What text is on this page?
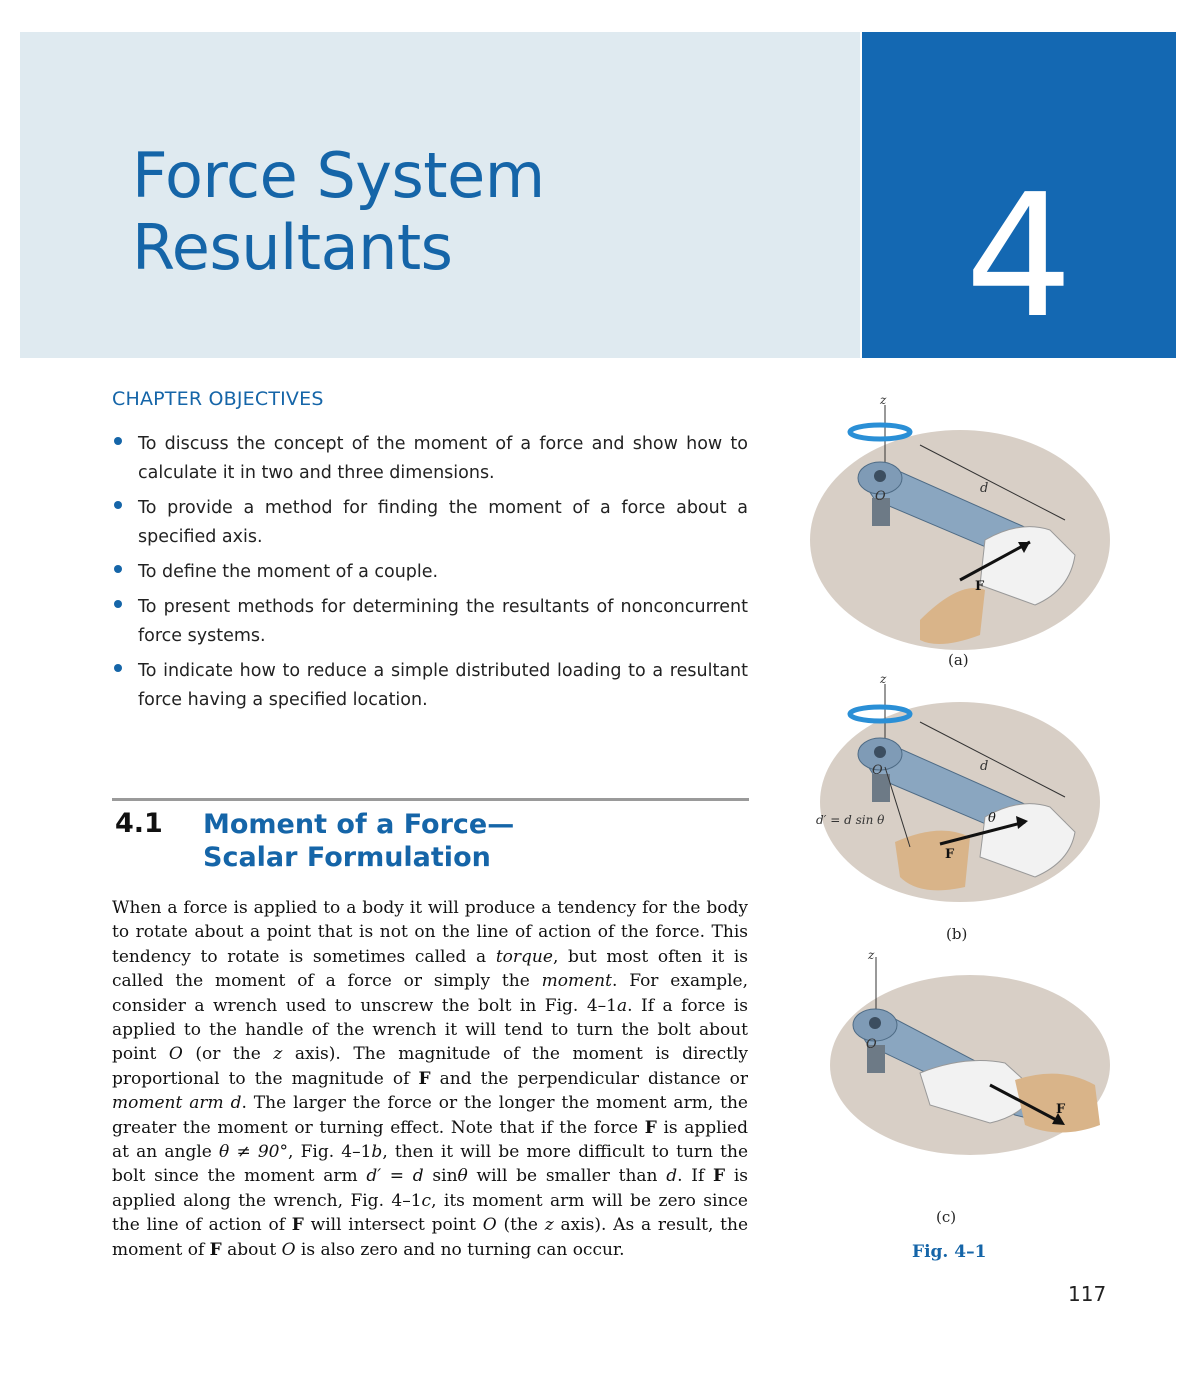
Force System
Resultants	4
CHAPTER OBJECTIVES
To discuss the concept of the moment of a force and show how to calculate it in two and three dimensions.
To provide a method for finding the moment of a force about a specified axis.
To define the moment of a couple.
To present methods for determining the resultants of nonconcurrent force systems.
To indicate how to reduce a simple distributed loading to a resultant force having a specified location.
4.1 Moment of a Force—
Scalar Formulation

When a force is applied to a body it will produce a tendency for the body to rotate about a point that is not on the line of action of the force. This tendency to rotate is sometimes called a torque, but most often it is called the moment of a force or simply the moment. For example, consider a wrench used to unscrew the bolt in Fig. 4–1a. If a force is applied to the handle of the wrench it will tend to turn the bolt about point O (or the z axis). The magnitude of the moment is directly proportional to the magnitude of F and the perpendicular distance or moment arm d. The larger the force or the longer the moment arm, the greater the moment or turning effect. Note that if the force F is applied at an angle θ ≠ 90°, Fig. 4–1b, then it will be more difficult to turn the bolt since the moment arm d′ = d sinθ will be smaller than d. If F is applied along the wrench, Fig. 4–1c, its moment arm will be zero since the line of action of F will intersect point O (the z axis). As a result, the moment of F about O is also zero and no turning can occur.

z
d
O
F
(a)
z
d
O
θ
F
d′ = d sin θ
(b)
z
O
F
(c)
Fig. 4–1
117
